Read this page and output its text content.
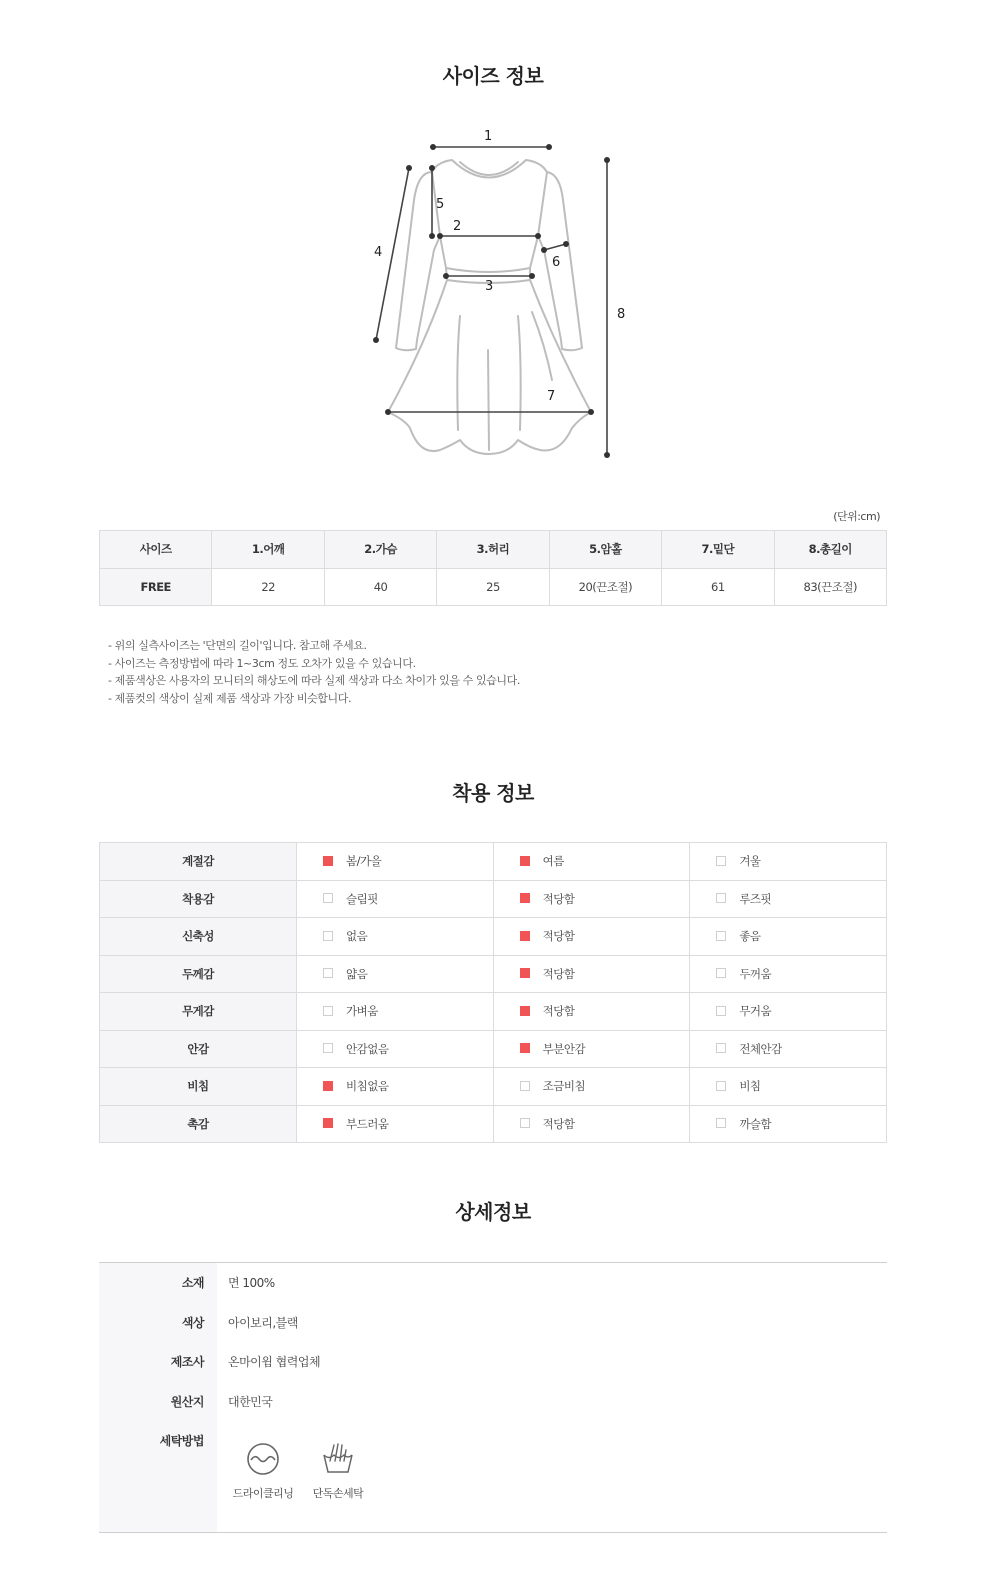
사이즈 정보
1
2
3
4
5
6
7
8
(단위:cm)
사이즈	1.어깨	2.가슴	3.허리	5.암홀	7.밑단	8.총길이
FREE	22	40	25	20(끈조절)	61	83(끈조절)
- 위의 실측사이즈는 '단면의 길이'입니다. 참고해 주세요.
- 사이즈는 측정방법에 따라 1~3cm 정도 오차가 있을 수 있습니다.
- 제품색상은 사용자의 모니터의 해상도에 따라 실제 색상과 다소 차이가 있을 수 있습니다.
- 제품컷의 색상이 실제 제품 색상과 가장 비슷합니다.
착용 정보
계절감	봄/가을	여름	겨울
착용감	슬림핏	적당함	루즈핏
신축성	없음	적당함	좋음
두께감	얇음	적당함	두꺼움
무게감	가벼움	적당함	무거움
안감	안감없음	부분안감	전체안감
비침	비침없음	조금비침	비침
촉감	부드러움	적당함	까슬함
상세정보
소재 면 100%
색상 아이보리,블랙
제조사 온마이윔 협력업체
원산지 대한민국
세탁방법
드라이클리닝	단독손세탁
